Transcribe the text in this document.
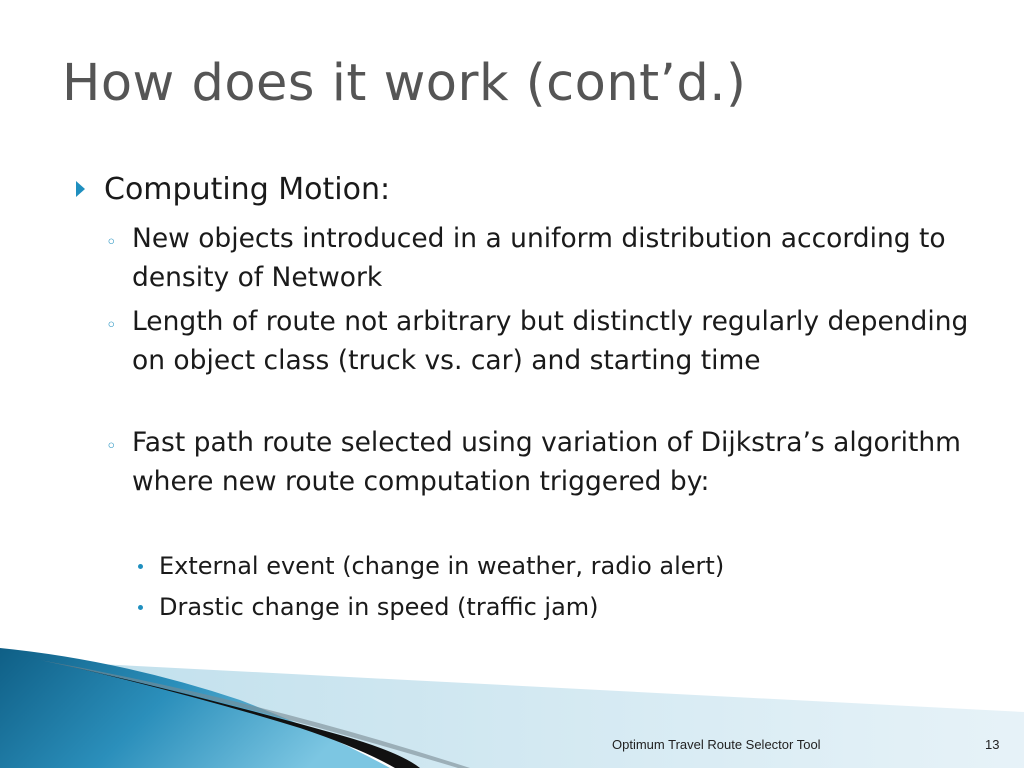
How does it work (cont’d.)
Computing Motion:
◦ New objects introduced in a uniform distribution according to density of Network
◦ Length of route not arbitrary but distinctly regularly depending on object class (truck vs. car) and starting time
◦ Fast path route selected using variation of Dijkstra’s algorithm where new route computation triggered by:
External event (change in weather, radio alert)
Drastic change in speed (traffic jam)
Optimum Travel Route Selector Tool	13
